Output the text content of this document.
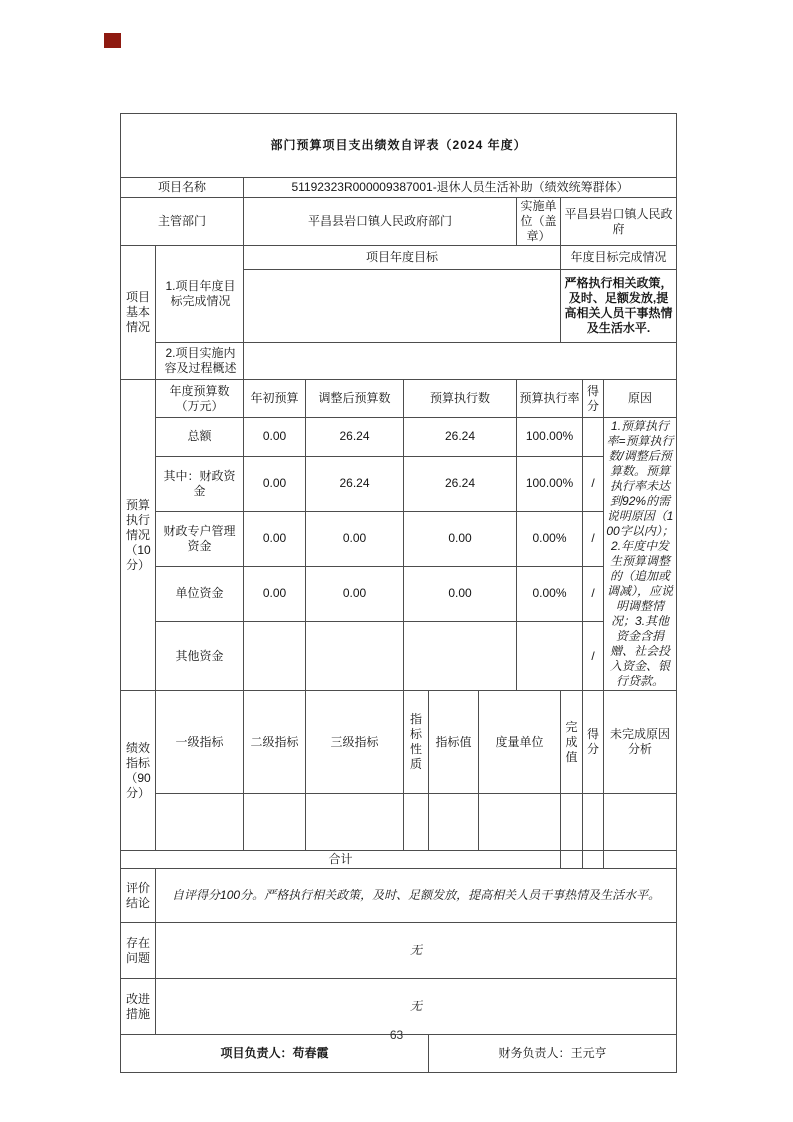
部门预算项目支出绩效自评表（2024 年度）										
项目名称		51192323R000009387001-退休人员生活补助（绩效统筹群体）								
主管部门		平昌县岩口镇人民政府部门					实施单位（盖章）	平昌县岩口镇人民政府		
项目基本情况	1.项目年度目标完成情况	项目年度目标						年度目标完成情况		
								严格执行相关政策，及时、足额发放,提高相关人员干事热情及生活水平.		
	2.项目实施内容及过程概述									
预算执行情况（10分）	年度预算数（万元）	年初预算	调整后预算数	预算执行数			预算执行率		得分	原因
	总额	0.00	26.24	26.24			100.00%			1.预算执行率=预算执行数/调整后预算数。预算执行率未达到92%的需说明原因（100字以内）；2.年度中发生预算调整的（追加或调减），应说明调整情况；3.其他资金含捐赠、社会投入资金、银行贷款。
	其中：财政资金	0.00	26.24	26.24			100.00%		/	
	财政专户管理资金	0.00	0.00	0.00			0.00%		/	
	单位资金	0.00	0.00	0.00			0.00%		/	
	其他资金								/	
绩效指标（90分）	一级指标	二级指标	三级指标	指标性质	指标值	度量单位		完成值	得分	未完成原因分析

合计										
评价结论	自评得分100分。严格执行相关政策，及时、足额发放，提高相关人员干事热情及生活水平。									
存在问题	无									
改进措施	无									
项目负责人：苟春霞					财务负责人：王元亨					
63
